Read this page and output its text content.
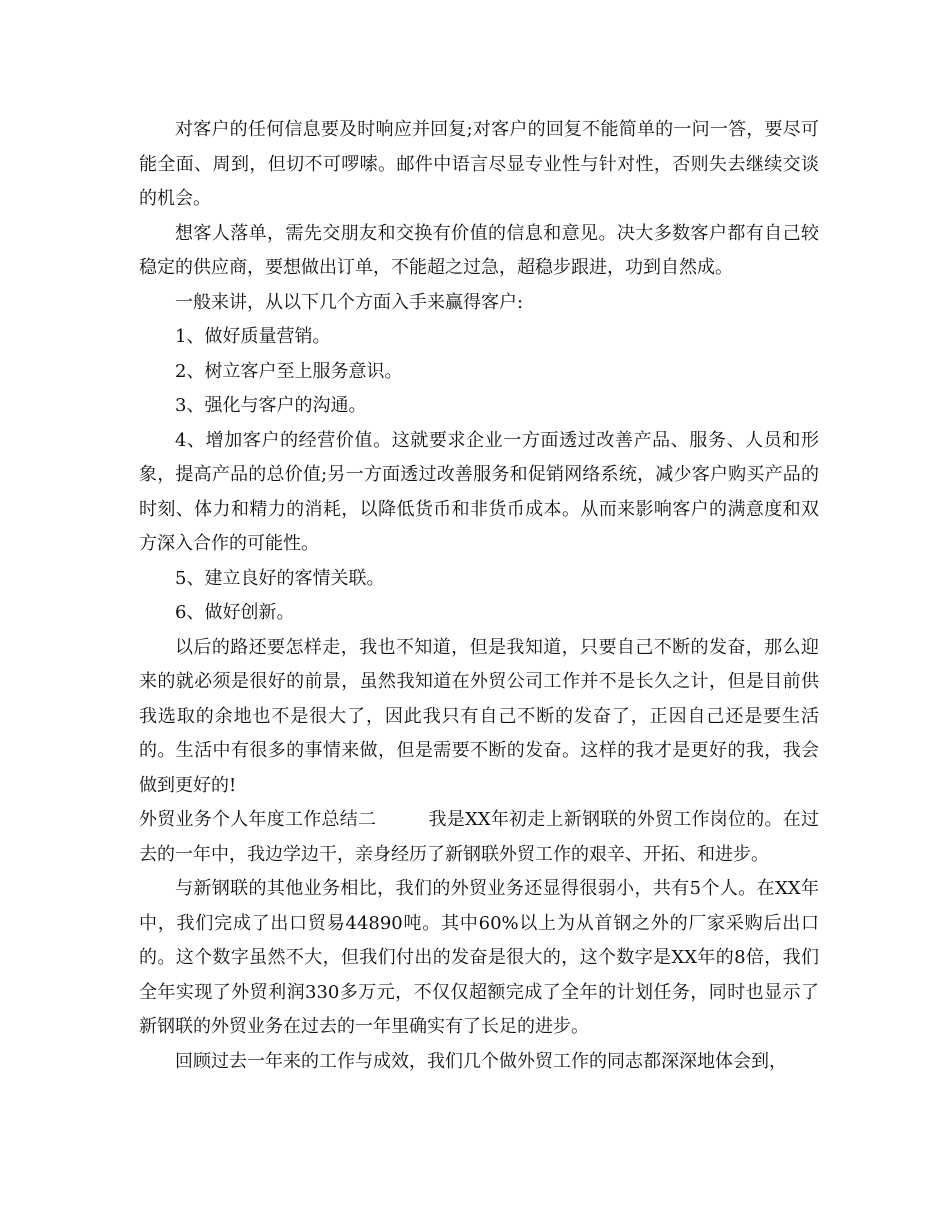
对客户的任何信息要及时响应并回复;对客户的回复不能简单的一问一答，要尽可能全面、周到，但切不可啰嗦。邮件中语言尽显专业性与针对性，否则失去继续交谈的机会。

想客人落单，需先交朋友和交换有价值的信息和意见。决大多数客户都有自己较稳定的供应商，要想做出订单，不能超之过急，超稳步跟进，功到自然成。

一般来讲，从以下几个方面入手来赢得客户:

1、做好质量营销。

2、树立客户至上服务意识。

3、强化与客户的沟通。

4、增加客户的经营价值。这就要求企业一方面透过改善产品、服务、人员和形象，提高产品的总价值;另一方面透过改善服务和促销网络系统，减少客户购买产品的时刻、体力和精力的消耗，以降低货币和非货币成本。从而来影响客户的满意度和双方深入合作的可能性。

5、建立良好的客情关联。

6、做好创新。

以后的路还要怎样走，我也不知道，但是我知道，只要自己不断的发奋，那么迎来的就必须是很好的前景，虽然我知道在外贸公司工作并不是长久之计，但是目前供我选取的余地也不是很大了，因此我只有自己不断的发奋了，正因自己还是要生活的。生活中有很多的事情来做，但是需要不断的发奋。这样的我才是更好的我，我会做到更好的!

外贸业务个人年度工作总结二	我是XX年初走上新钢联的外贸工作岗位的。在过去的一年中，我边学边干，亲身经历了新钢联外贸工作的艰辛、开拓、和进步。

与新钢联的其他业务相比，我们的外贸业务还显得很弱小，共有5个人。在XX年中，我们完成了出口贸易44890吨。其中60%以上为从首钢之外的厂家采购后出口的。这个数字虽然不大，但我们付出的发奋是很大的，这个数字是XX年的8倍，我们全年实现了外贸利润330多万元，不仅仅超额完成了全年的计划任务，同时也显示了新钢联的外贸业务在过去的一年里确实有了长足的进步。

回顾过去一年来的工作与成效，我们几个做外贸工作的同志都深深地体会到，
